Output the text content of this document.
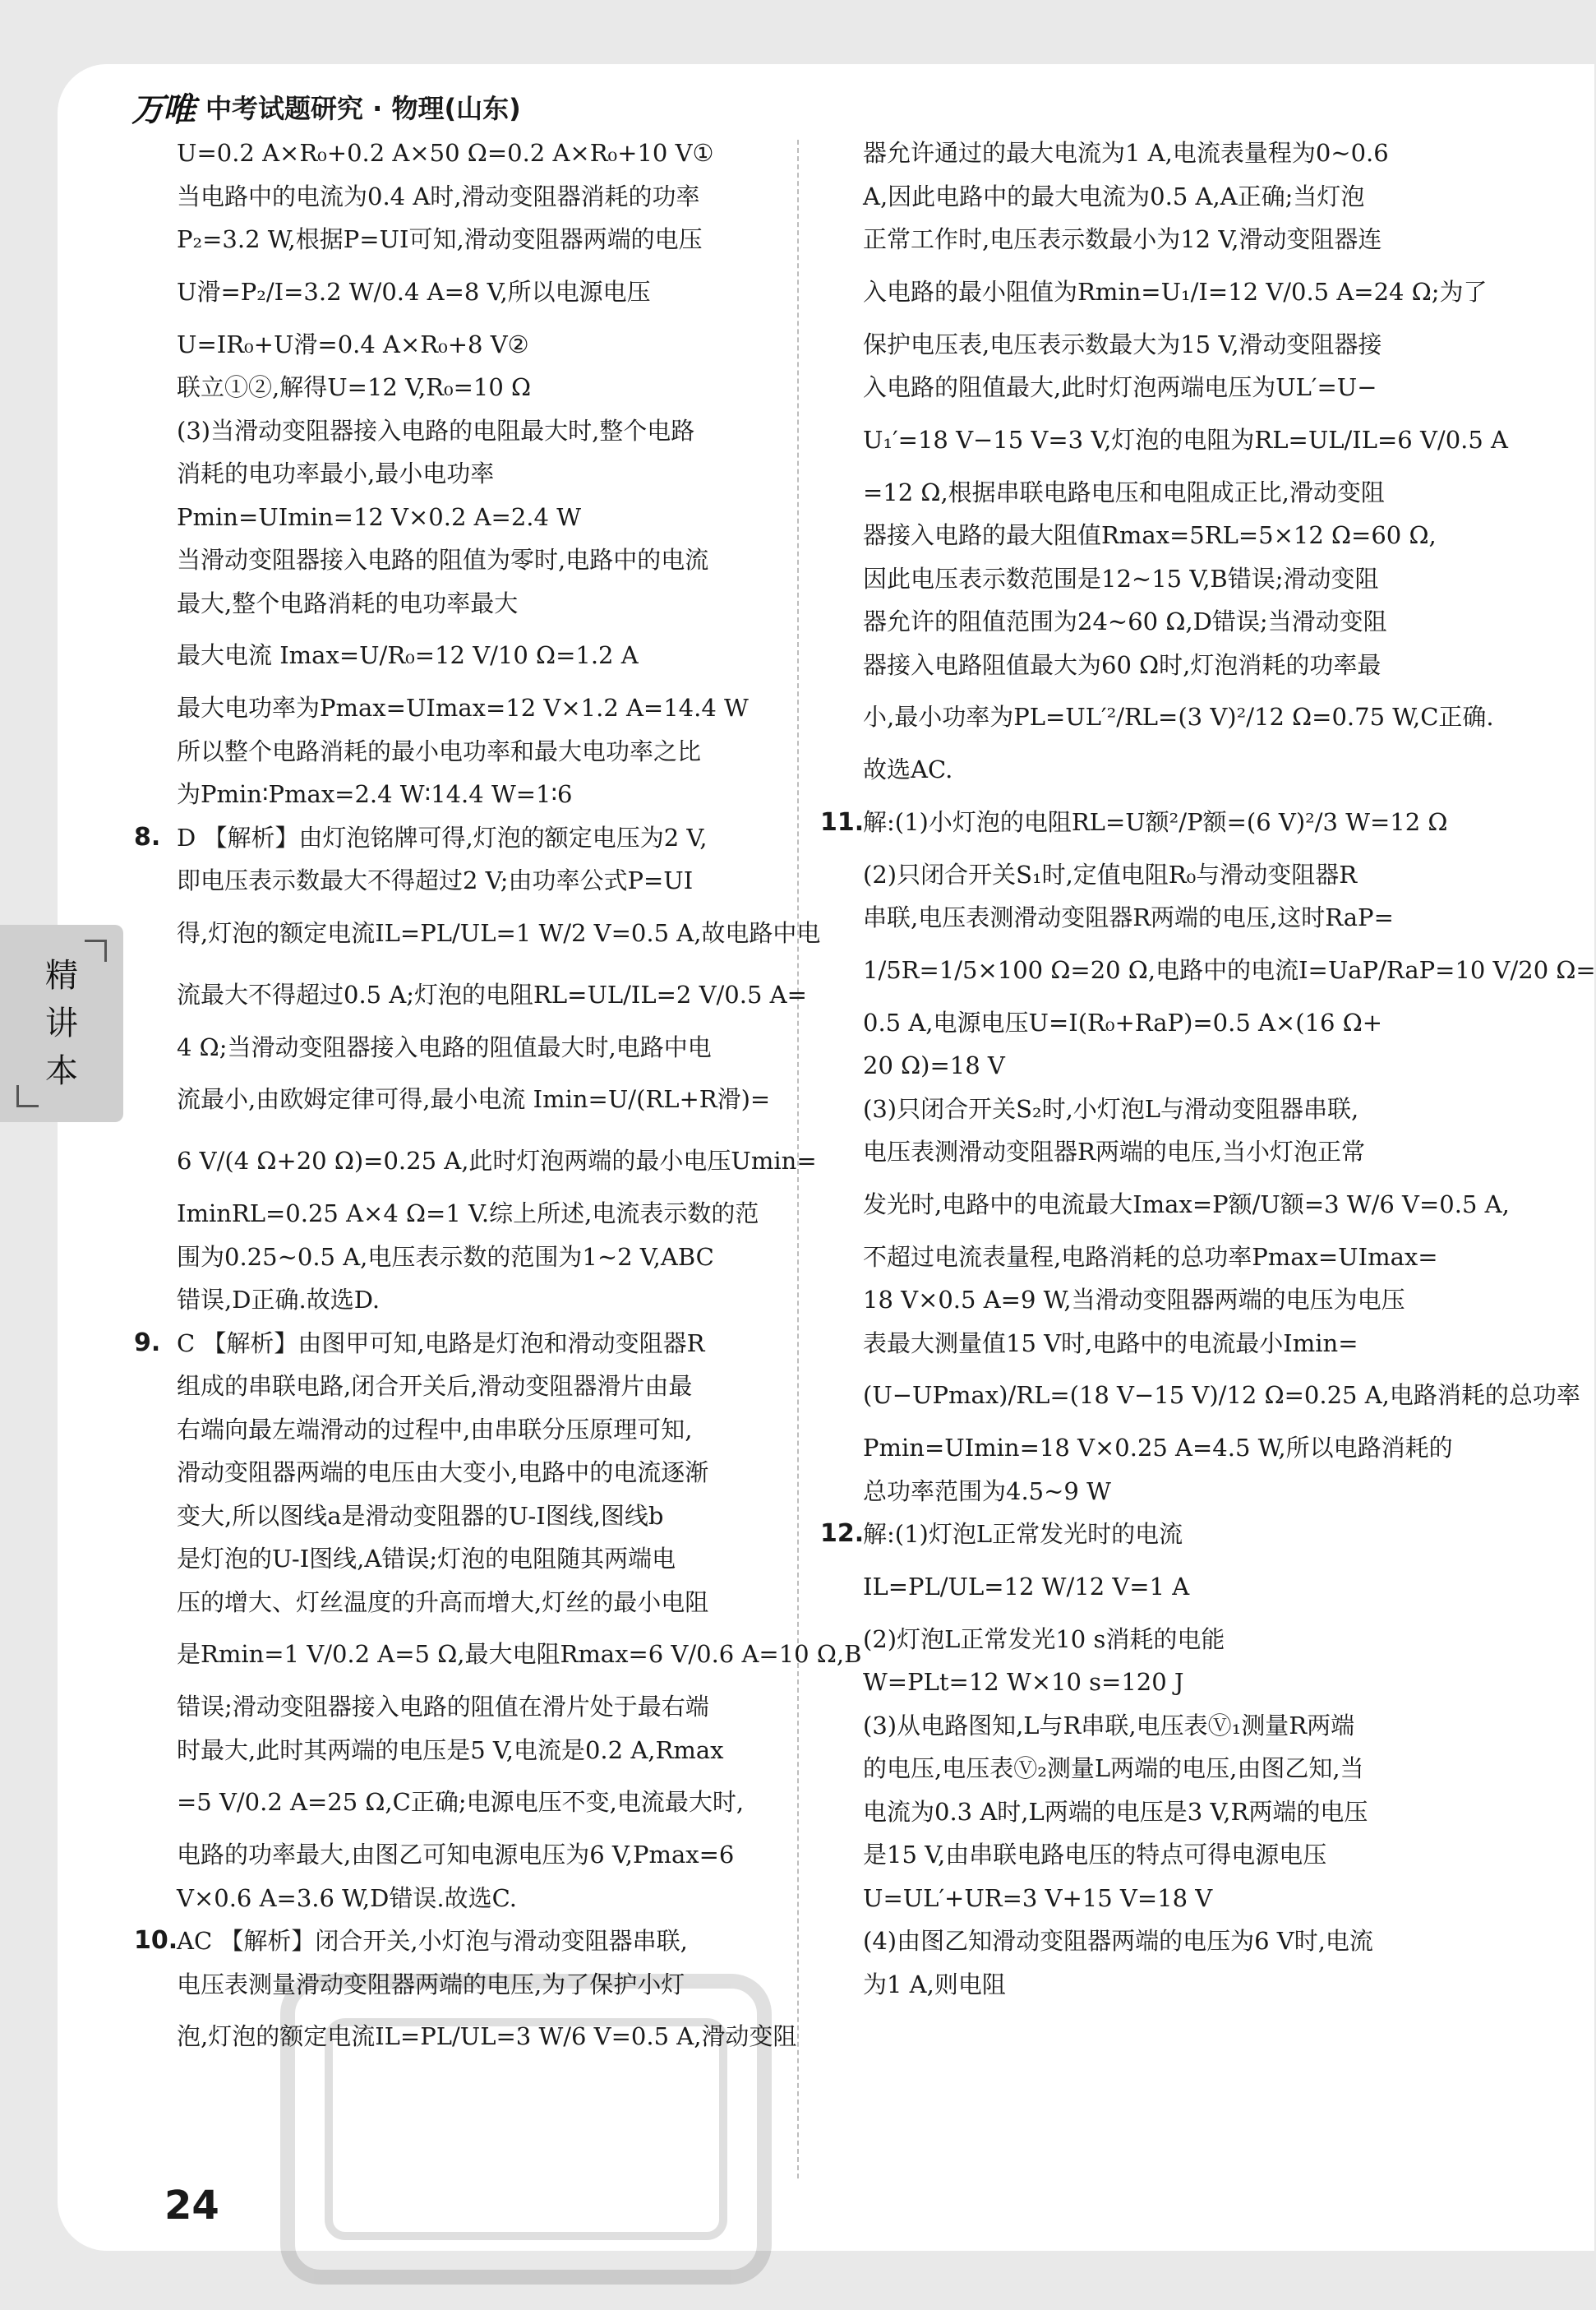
万唯 中考试题研究 · 物理(山东)
U=0.2 A×R₀+0.2 A×50 Ω=0.2 A×R₀+10 V①
当电路中的电流为0.4 A时,滑动变阻器消耗的功率
P₂=3.2 W,根据P=UI可知,滑动变阻器两端的电压
U滑=P₂/I=3.2 W/0.4 A=8 V,所以电源电压
U=IR₀+U滑=0.4 A×R₀+8 V②
联立①②,解得U=12 V,R₀=10 Ω
(3)当滑动变阻器接入电路的电阻最大时,整个电路
消耗的电功率最小,最小电功率
Pmin=UImin=12 V×0.2 A=2.4 W
当滑动变阻器接入电路的阻值为零时,电路中的电流
最大,整个电路消耗的电功率最大
最大电流 Imax=U/R₀=12 V/10 Ω=1.2 A
最大电功率为Pmax=UImax=12 V×1.2 A=14.4 W
所以整个电路消耗的最小电功率和最大电功率之比
为Pmin∶Pmax=2.4 W∶14.4 W=1∶6
8. D 【解析】由灯泡铭牌可得,灯泡的额定电压为2 V,
即电压表示数最大不得超过2 V;由功率公式P=UI
得,灯泡的额定电流IL=PL/UL=1 W/2 V=0.5 A,故电路中电
流最大不得超过0.5 A;灯泡的电阻RL=UL/IL=2 V/0.5 A=
4 Ω;当滑动变阻器接入电路的阻值最大时,电路中电
流最小,由欧姆定律可得,最小电流 Imin=U/(RL+R滑)=
6 V/(4 Ω+20 Ω)=0.25 A,此时灯泡两端的最小电压Umin=
IminRL=0.25 A×4 Ω=1 V.综上所述,电流表示数的范
围为0.25~0.5 A,电压表示数的范围为1~2 V,ABC
错误,D正确.故选D.
9. C 【解析】由图甲可知,电路是灯泡和滑动变阻器R
组成的串联电路,闭合开关后,滑动变阻器滑片由最
右端向最左端滑动的过程中,由串联分压原理可知,
滑动变阻器两端的电压由大变小,电路中的电流逐渐
变大,所以图线a是滑动变阻器的U-I图线,图线b
是灯泡的U-I图线,A错误;灯泡的电阻随其两端电
压的增大、灯丝温度的升高而增大,灯丝的最小电阻
是Rmin=1 V/0.2 A=5 Ω,最大电阻Rmax=6 V/0.6 A=10 Ω,B
错误;滑动变阻器接入电路的阻值在滑片处于最右端
时最大,此时其两端的电压是5 V,电流是0.2 A,Rmax
=5 V/0.2 A=25 Ω,C正确;电源电压不变,电流最大时,
电路的功率最大,由图乙可知电源电压为6 V,Pmax=6
V×0.6 A=3.6 W,D错误.故选C.
10.
AC 【解析】闭合开关,小灯泡与滑动变阻器串联,
电压表测量滑动变阻器两端的电压,为了保护小灯
泡,灯泡的额定电流IL=PL/UL=3 W/6 V=0.5 A,滑动变阻
器允许通过的最大电流为1 A,电流表量程为0~0.6
A,因此电路中的最大电流为0.5 A,A正确;当灯泡
正常工作时,电压表示数最小为12 V,滑动变阻器连
入电路的最小阻值为Rmin=U₁/I=12 V/0.5 A=24 Ω;为了
保护电压表,电压表示数最大为15 V,滑动变阻器接
入电路的阻值最大,此时灯泡两端电压为UL′=U−
U₁′=18 V−15 V=3 V,灯泡的电阻为RL=UL/IL=6 V/0.5 A
=12 Ω,根据串联电路电压和电阻成正比,滑动变阻
器接入电路的最大阻值Rmax=5RL=5×12 Ω=60 Ω,
因此电压表示数范围是12~15 V,B错误;滑动变阻
器允许的阻值范围为24~60 Ω,D错误;当滑动变阻
器接入电路阻值最大为60 Ω时,灯泡消耗的功率最
小,最小功率为PL=UL′²/RL=(3 V)²/12 Ω=0.75 W,C正确.
故选AC.
11.
解:(1)小灯泡的电阻RL=U额²/P额=(6 V)²/3 W=12 Ω
(2)只闭合开关S₁时,定值电阻R₀与滑动变阻器R
串联,电压表测滑动变阻器R两端的电压,这时RaP=
1/5R=1/5×100 Ω=20 Ω,电路中的电流I=UaP/RaP=10 V/20 Ω=
0.5 A,电源电压U=I(R₀+RaP)=0.5 A×(16 Ω+
20 Ω)=18 V
(3)只闭合开关S₂时,小灯泡L与滑动变阻器串联,
电压表测滑动变阻器R两端的电压,当小灯泡正常
发光时,电路中的电流最大Imax=P额/U额=3 W/6 V=0.5 A,
不超过电流表量程,电路消耗的总功率Pmax=UImax=
18 V×0.5 A=9 W,当滑动变阻器两端的电压为电压
表最大测量值15 V时,电路中的电流最小Imin=
(U−UPmax)/RL=(18 V−15 V)/12 Ω=0.25 A,电路消耗的总功率
Pmin=UImin=18 V×0.25 A=4.5 W,所以电路消耗的
总功率范围为4.5~9 W
12.
解:(1)灯泡L正常发光时的电流
IL=PL/UL=12 W/12 V=1 A
(2)灯泡L正常发光10 s消耗的电能
W=PLt=12 W×10 s=120 J
(3)从电路图知,L与R串联,电压表Ⓥ₁测量R两端
的电压,电压表Ⓥ₂测量L两端的电压,由图乙知,当
电流为0.3 A时,L两端的电压是3 V,R两端的电压
是15 V,由串联电路电压的特点可得电源电压
U=UL′+UR=3 V+15 V=18 V
(4)由图乙知滑动变阻器两端的电压为6 V时,电流
为1 A,则电阻
精
讲
本
24
